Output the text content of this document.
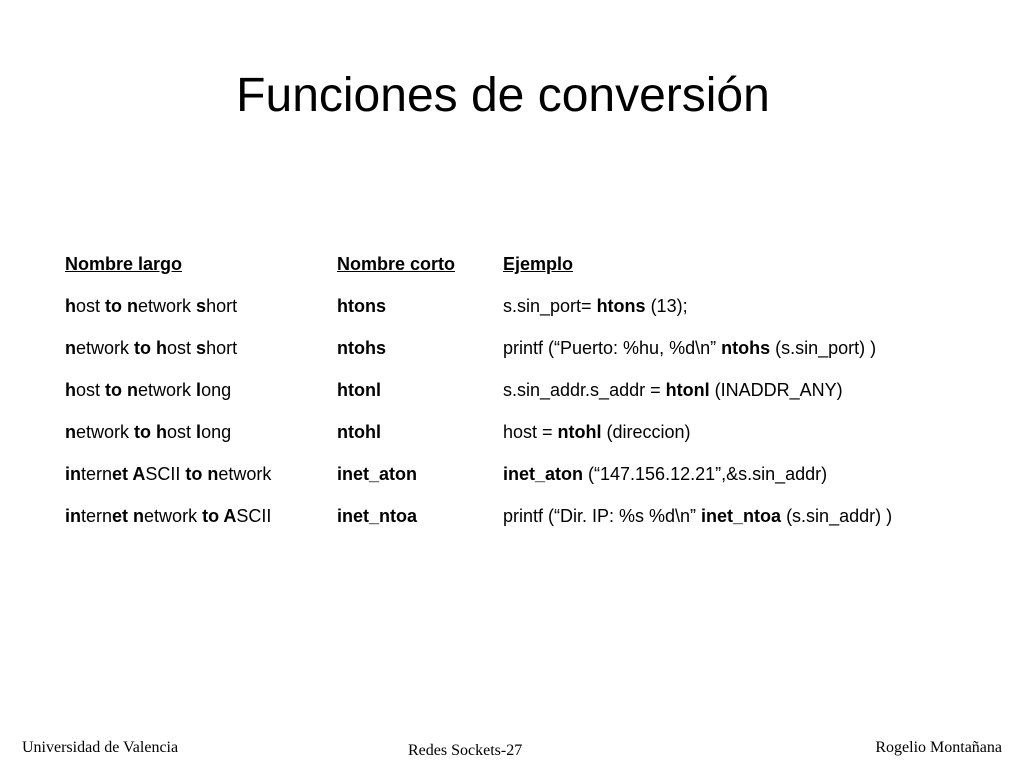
Funciones de conversión
Nombre largo	Nombre corto	Ejemplo
host to network short	htons	s.sin_port= htons (13);
network to host short	ntohs	printf (“Puerto: %hu, %d\n” ntohs (s.sin_port) )
host to network long	htonl	s.sin_addr.s_addr = htonl (INADDR_ANY)
network to host long	ntohl	host = ntohl (direccion)
internet ASCII to network	inet_aton	inet_aton (“147.156.12.21”,&s.sin_addr)
internet network to ASCII	inet_ntoa	printf (“Dir. IP: %s %d\n” inet_ntoa (s.sin_addr) )
Universidad de Valencia	Redes Sockets-27	Rogelio Montañana
